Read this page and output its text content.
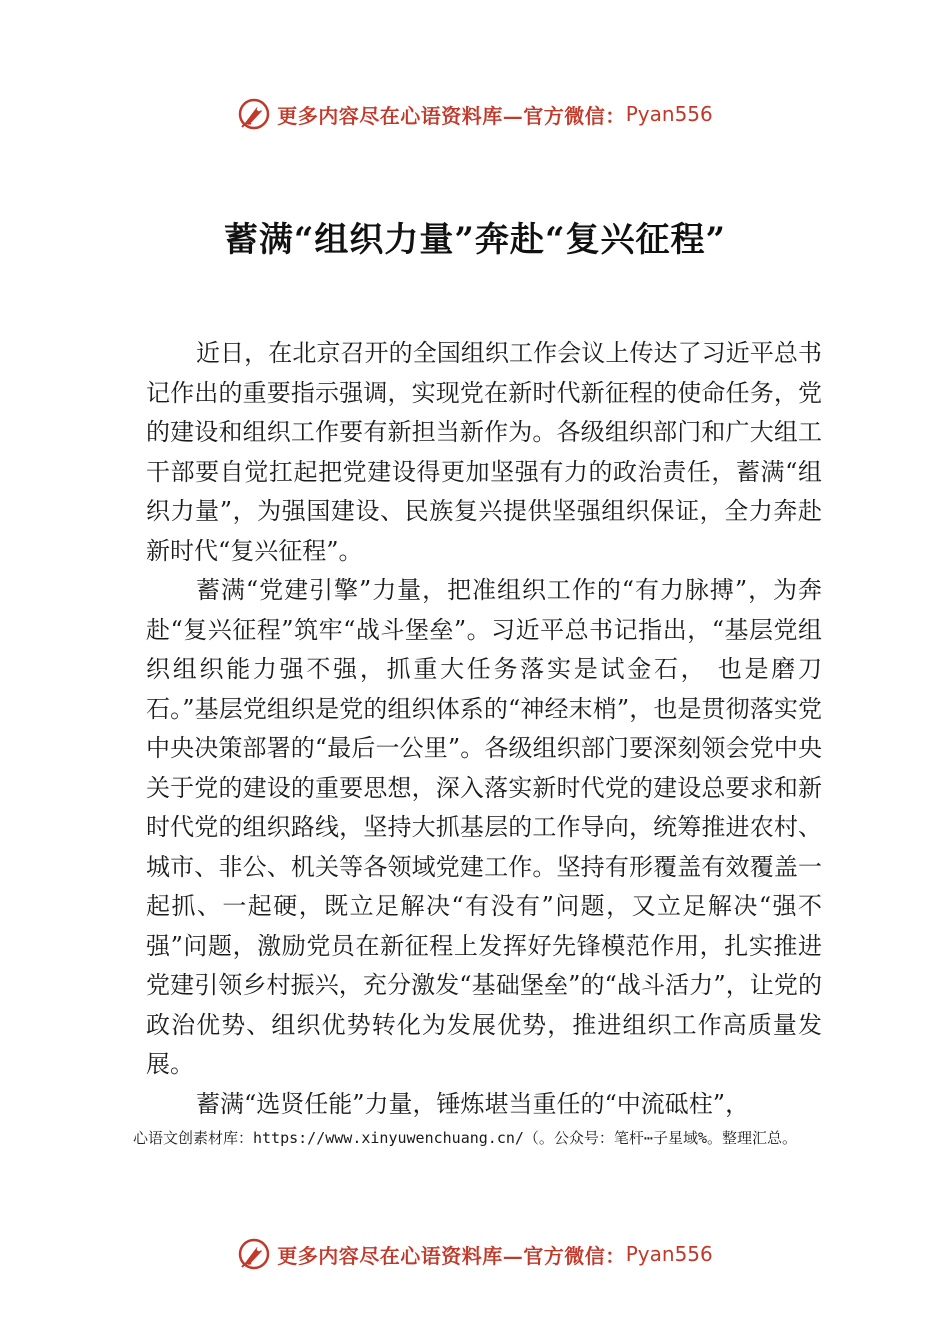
更多内容尽在心语资料库—官方微信： Pyan556
蓄满“组织力量”奔赴“复兴征程”

近日，在北京召开的全国组织工作会议上传达了习近平总书记作出的重要指示强调，实现党在新时代新征程的使命任务，党的建设和组织工作要有新担当新作为。各级组织部门和广大组工干部要自觉扛起把党建设得更加坚强有力的政治责任，蓄满“组织力量”，为强国建设、民族复兴提供坚强组织保证，全力奔赴新时代“复兴征程”。

蓄满“党建引擎”力量，把准组织工作的“有力脉搏”，为奔赴“复兴征程”筑牢“战斗堡垒”。习近平总书记指出，“基层党组织组织能力强不强，抓重大任务落实是试金石， 也是磨刀石。”基层党组织是党的组织体系的“神经末梢”，也是贯彻落实党中央决策部署的“最后一公里”。各级组织部门要深刻领会党中央关于党的建设的重要思想，深入落实新时代党的建设总要求和新时代党的组织路线，坚持大抓基层的工作导向，统筹推进农村、城市、非公、机关等各领域党建工作。坚持有形覆盖有效覆盖一起抓、一起硬，既立足解决“有没有”问题，又立足解决“强不强”问题，激励党员在新征程上发挥好先锋模范作用，扎实推进党建引领乡村振兴，充分激发“基础堡垒”的“战斗活力”，让党的政治优势、组织优势转化为发展优势，推进组织工作高质量发展。

蓄满“选贤任能”力量，锤炼堪当重任的“中流砥柱”，

心语文创素材库：https://www.xinyuwenchuang.cn/（。公众号：笔杆⋯子星域%。整理汇总。
更多内容尽在心语资料库—官方微信： Pyan556
